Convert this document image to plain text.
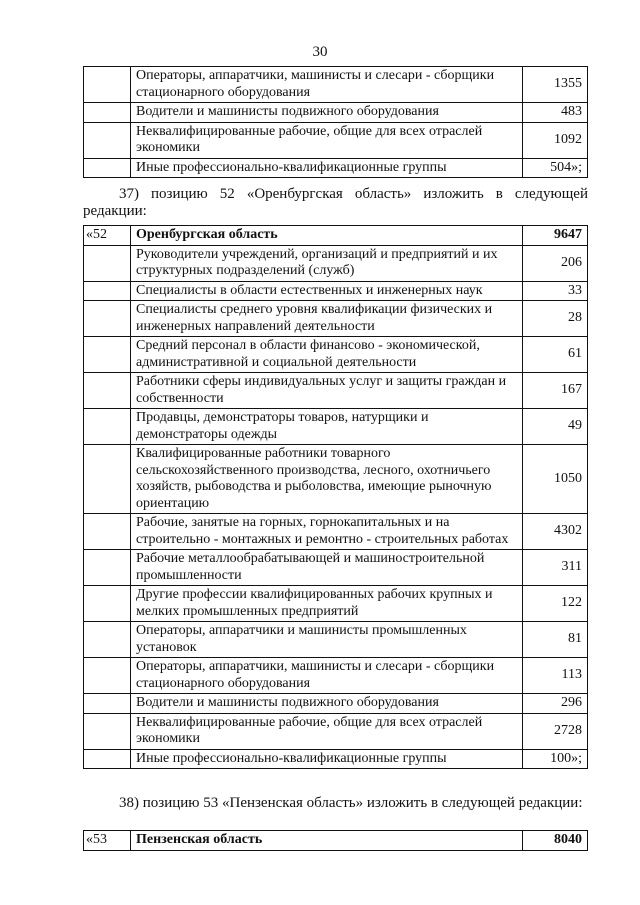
30
	Операторы, аппаратчики, машинисты и слесари - сборщики стационарного оборудования	1355
	Водители и машинисты подвижного оборудования	483
	Неквалифицированные рабочие, общие для всех отраслей экономики	1092
	Иные профессионально-квалификационные группы	504»;
37) позицию 52 «Оренбургская область» изложить в следующей редакции:
«52	Оренбургская область	9647
	Руководители учреждений, организаций и предприятий и их структурных подразделений (служб)	206
	Специалисты в области естественных и инженерных наук	33
	Специалисты среднего уровня квалификации физических и инженерных направлений деятельности	28
	Средний персонал в области финансово - экономической, административной и социальной деятельности	61
	Работники сферы индивидуальных услуг и защиты граждан и собственности	167
	Продавцы, демонстраторы товаров, натурщики и демонстраторы одежды	49
	Квалифицированные работники товарного сельскохозяйственного производства, лесного, охотничьего хозяйств, рыбоводства и рыболовства, имеющие рыночную ориентацию	1050
	Рабочие, занятые на горных, горнокапитальных и на строительно - монтажных и ремонтно - строительных работах	4302
	Рабочие металлообрабатывающей и машиностроительной промышленности	311
	Другие профессии квалифицированных рабочих крупных и мелких промышленных предприятий	122
	Операторы, аппаратчики и машинисты промышленных установок	81
	Операторы, аппаратчики, машинисты и слесари - сборщики стационарного оборудования	113
	Водители и машинисты подвижного оборудования	296
	Неквалифицированные рабочие, общие для всех отраслей экономики	2728
	Иные профессионально-квалификационные группы	100»;
38) позицию 53 «Пензенская область» изложить в следующей редакции:
«53	Пензенская область	8040
